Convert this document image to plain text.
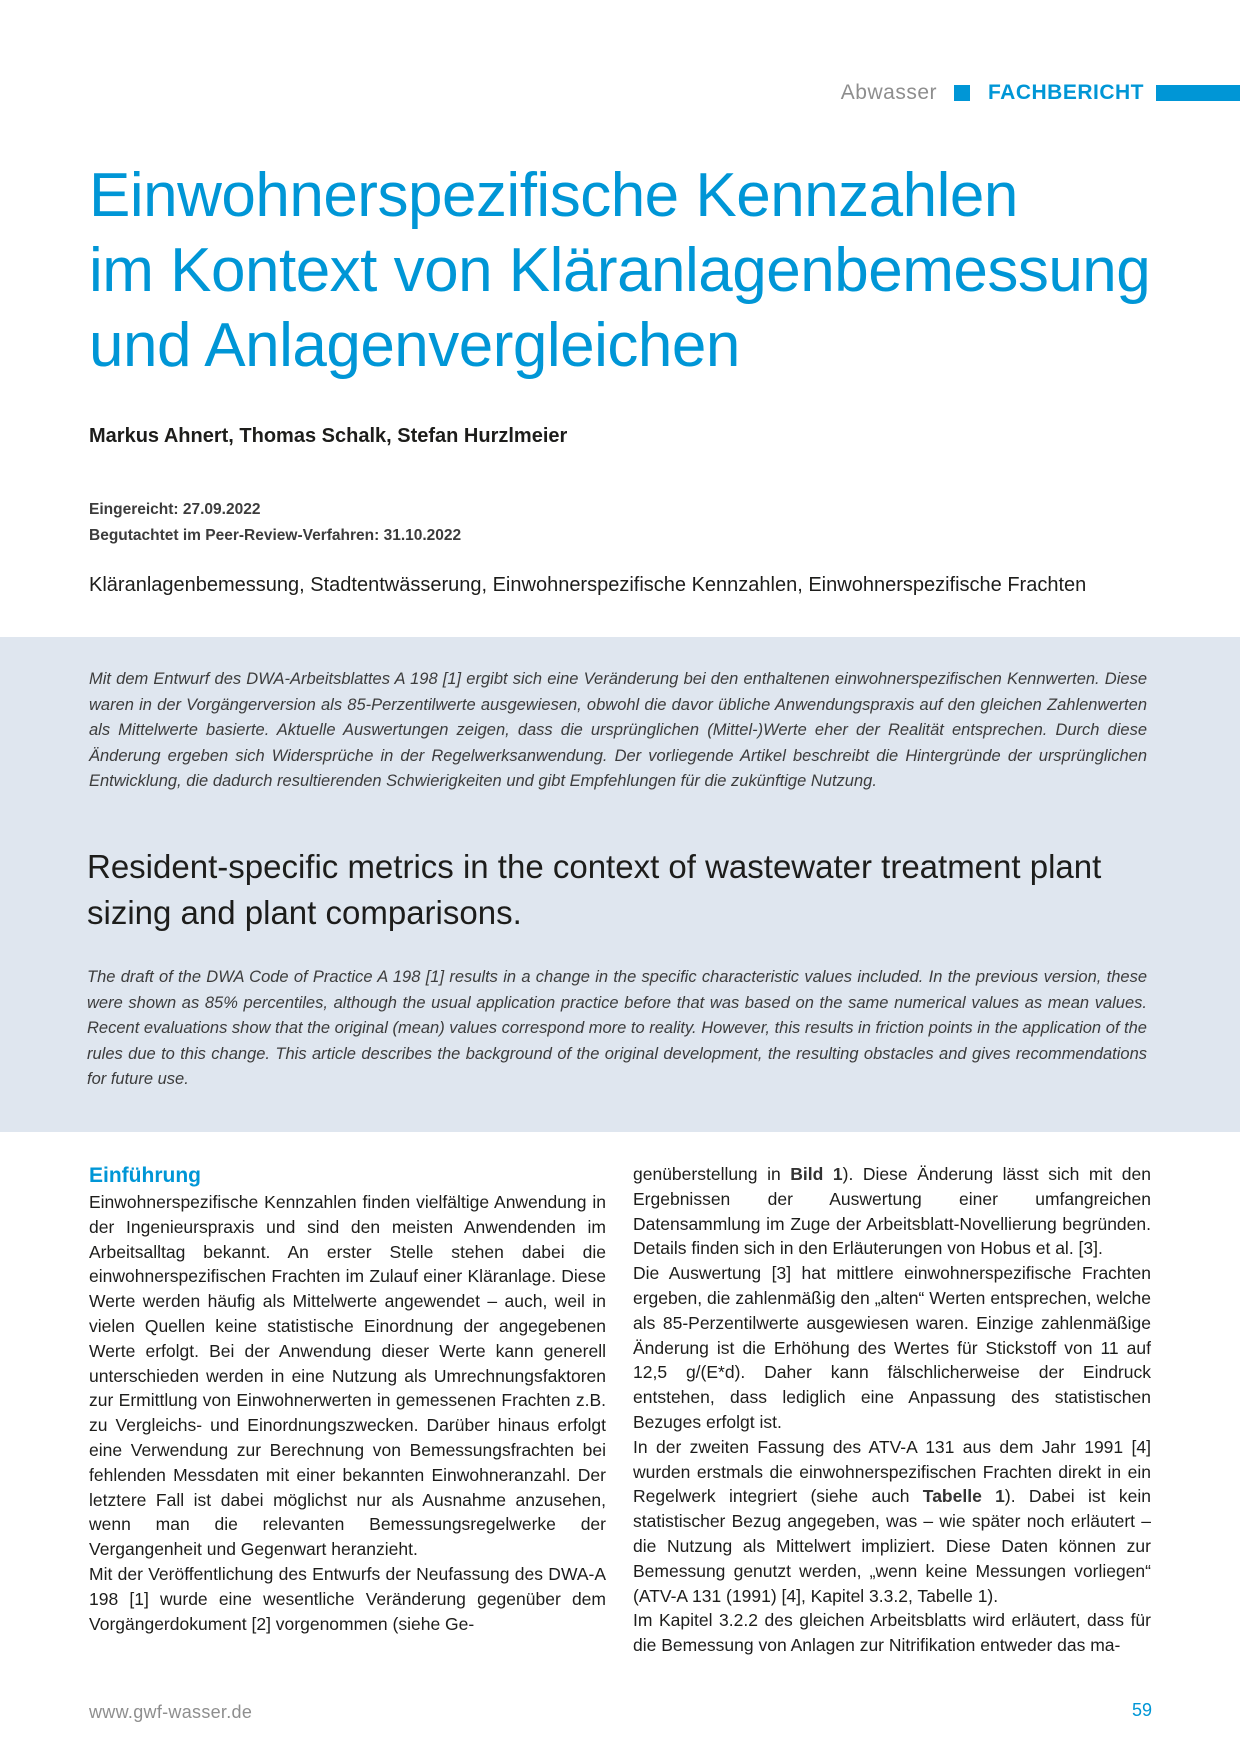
Abwasser FACHBERICHT
Einwohnerspezifische Kennzahlen
im Kontext von Kläranlagenbemessung
und Anlagenvergleichen

Markus Ahnert, Thomas Schalk, Stefan Hurzlmeier

Eingereicht: 27.09.2022
Begutachtet im Peer-Review-Verfahren: 31.10.2022
Kläranlagenbemessung, Stadtentwässerung, Einwohnerspezifische Kennzahlen, Einwohnerspezifische Frachten

Mit dem Entwurf des DWA-Arbeitsblattes A 198 [1] ergibt sich eine Veränderung bei den enthaltenen einwohnerspezifischen Kennwerten. Diese waren in der Vorgängerversion als 85-Perzentilwerte ausgewiesen, obwohl die davor übliche Anwendungspraxis auf den gleichen Zahlenwerten als Mittelwerte basierte. Aktuelle Auswertungen zeigen, dass die ursprünglichen (Mittel-)Werte eher der Realität entsprechen. Durch diese Änderung ergeben sich Widersprüche in der Regelwerksanwendung. Der vorliegende Artikel beschreibt die Hintergründe der ursprünglichen Entwicklung, die dadurch resultierenden Schwierigkeiten und gibt Empfehlungen für die zukünftige Nutzung.

Resident-specific metrics in the context of wastewater treatment plant sizing and plant comparisons.

The draft of the DWA Code of Practice A 198 [1] results in a change in the specific characteristic values included. In the previous version, these were shown as 85% percentiles, although the usual application practice before that was based on the same numerical values as mean values. Recent evaluations show that the original (mean) values correspond more to reality. However, this results in friction points in the application of the rules due to this change. This article describes the background of the original development, the resulting obstacles and gives recommendations for future use.

Einführung

Einwohnerspezifische Kennzahlen finden vielfältige Anwendung in der Ingenieurspraxis und sind den meisten Anwendenden im Arbeitsalltag bekannt. An erster Stelle stehen dabei die einwohnerspezifischen Frachten im Zulauf einer Kläranlage. Diese Werte werden häufig als Mittelwerte angewendet – auch, weil in vielen Quellen keine statistische Einordnung der angegebenen Werte erfolgt. Bei der Anwendung dieser Werte kann generell unterschieden werden in eine Nutzung als Umrechnungsfaktoren zur Ermittlung von Einwohnerwerten in gemessenen Frachten z.B. zu Vergleichs- und Einordnungszwecken. Darüber hinaus erfolgt eine Verwendung zur Berechnung von Bemessungsfrachten bei fehlenden Messdaten mit einer bekannten Einwohneranzahl. Der letztere Fall ist dabei möglichst nur als Ausnahme anzusehen, wenn man die relevanten Bemessungsregelwerke der Vergangenheit und Gegenwart heranzieht.

Mit der Veröffentlichung des Entwurfs der Neufassung des DWA-A 198 [1] wurde eine wesentliche Veränderung gegenüber dem Vorgängerdokument [2] vorgenommen (siehe Ge-

genüberstellung in Bild 1). Diese Änderung lässt sich mit den Ergebnissen der Auswertung einer umfangreichen Datensammlung im Zuge der Arbeitsblatt-Novellierung begründen. Details finden sich in den Erläuterungen von Hobus et al. [3].

Die Auswertung [3] hat mittlere einwohnerspezifische Frachten ergeben, die zahlenmäßig den „alten“ Werten entsprechen, welche als 85-Perzentilwerte ausgewiesen waren. Einzige zahlenmäßige Änderung ist die Erhöhung des Wertes für Stickstoff von 11 auf 12,5 g/(E*d). Daher kann fälschlicherweise der Eindruck entstehen, dass lediglich eine Anpassung des statistischen Bezuges erfolgt ist.

In der zweiten Fassung des ATV-A 131 aus dem Jahr 1991 [4] wurden erstmals die einwohnerspezifischen Frachten direkt in ein Regelwerk integriert (siehe auch Tabelle 1). Dabei ist kein statistischer Bezug angegeben, was – wie später noch erläutert – die Nutzung als Mittelwert impliziert. Diese Daten können zur Bemessung genutzt werden, „wenn keine Messungen vorliegen“ (ATV-A 131 (1991) [4], Kapitel 3.3.2, Tabelle 1).

Im Kapitel 3.2.2 des gleichen Arbeitsblatts wird erläutert, dass für die Bemessung von Anlagen zur Nitrifikation entweder das ma-

www.gwf-wasser.de	59
